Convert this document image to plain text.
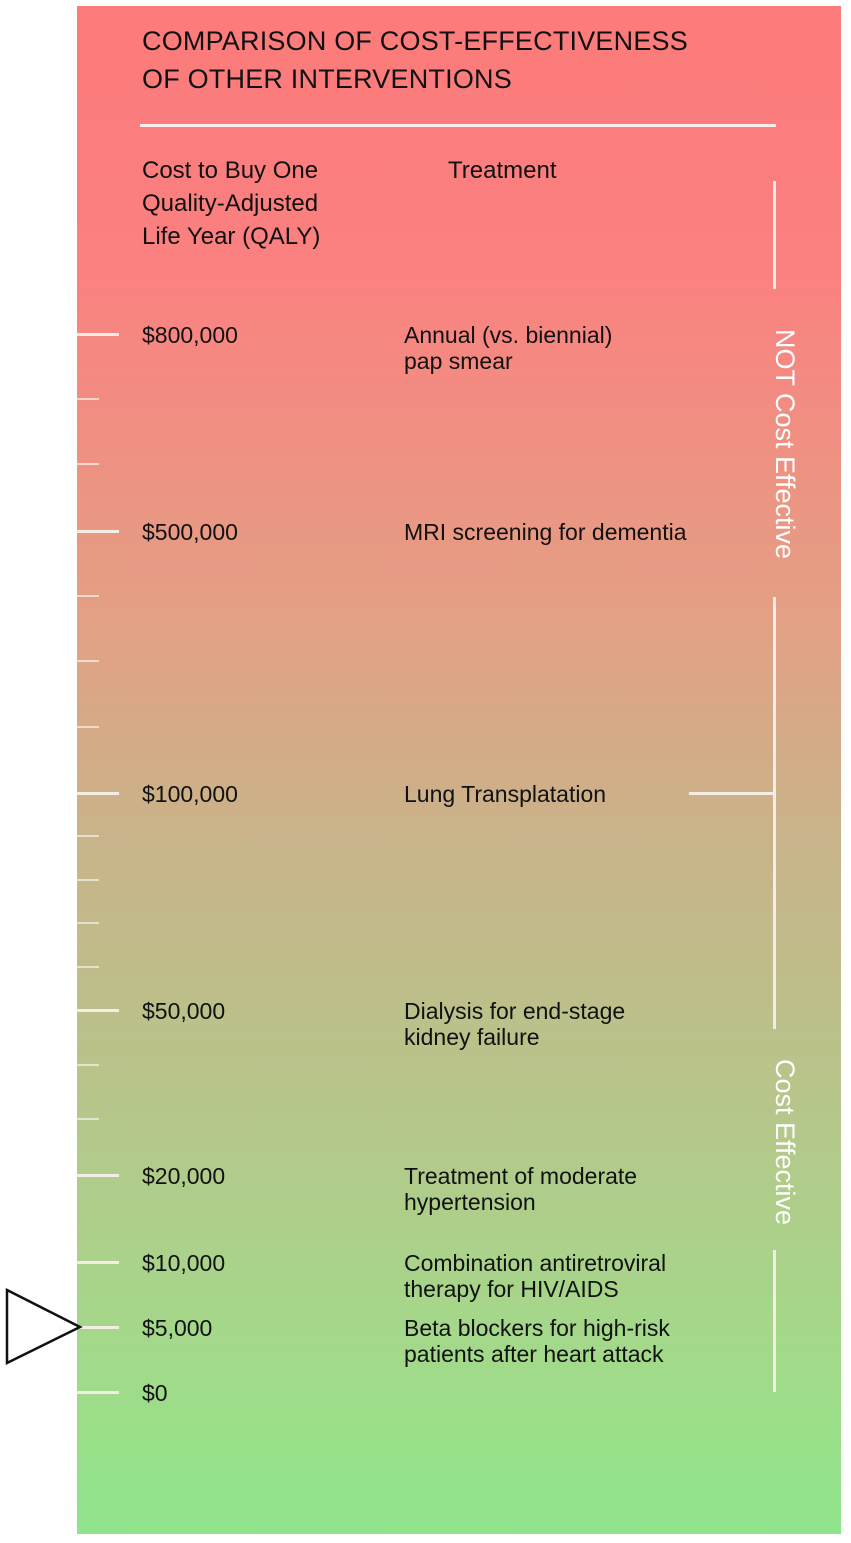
COMPARISON OF COST-EFFECTIVENESS
OF OTHER INTERVENTIONS
Cost to Buy One
Quality-Adjusted
Life Year (QALY)
Treatment
$800,000
$500,000
$100,000
$50,000
$20,000
$10,000
$5,000
$0
Annual (vs. biennial)
pap smear
MRI screening for dementia
Lung Transplatation
Dialysis for end-stage
kidney failure
Treatment of moderate
hypertension
Combination antiretroviral
therapy for HIV/AIDS
Beta blockers for high-risk
patients after heart attack
NOT Cost Effective
Cost Effective
